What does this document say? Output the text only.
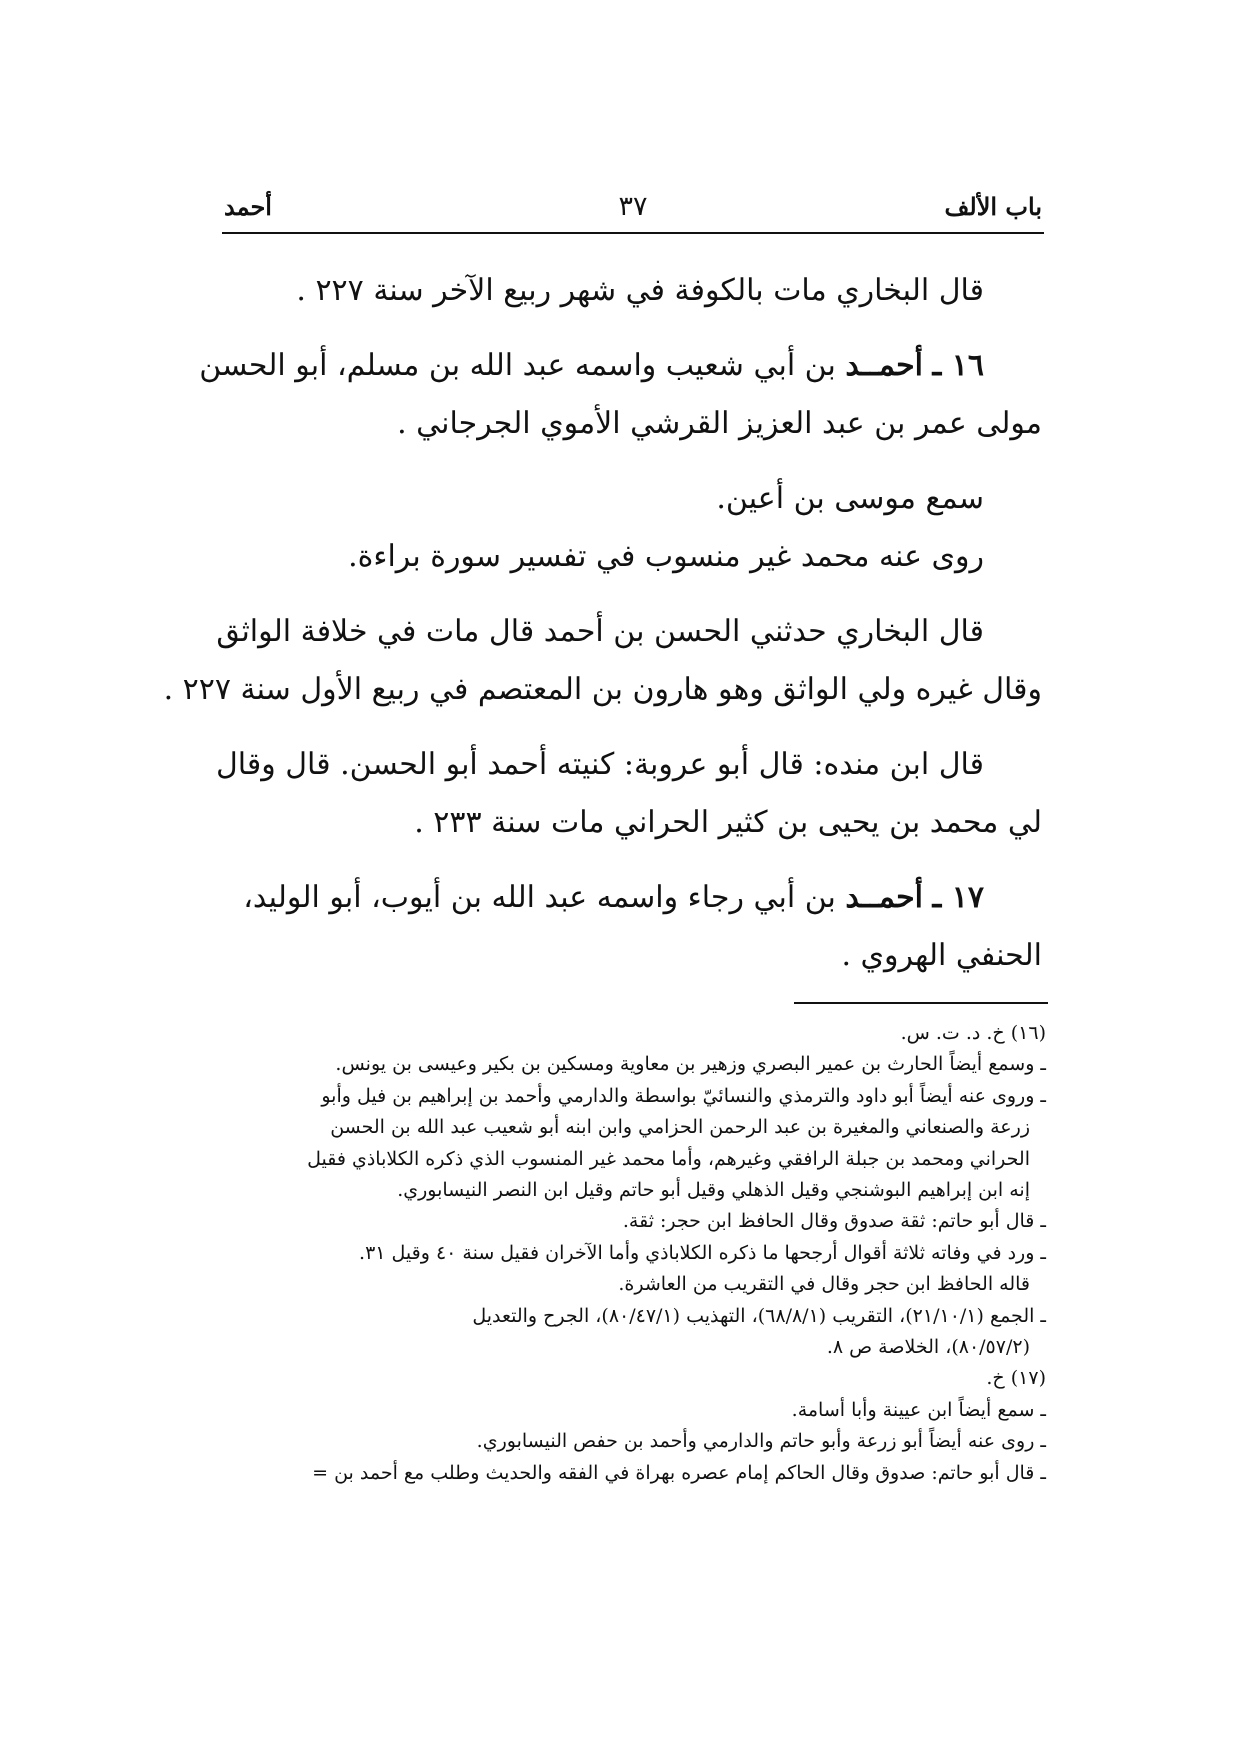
باب الألف
٣٧
أحمد

قال البخاري مات بالكوفة في شهر ربيع الآخر سنة ٢٢٧ .

١٦ ـ أحمــد بن أبي شعيب واسمه عبد الله بن مسلم، أبو الحسن

مولى عمر بن عبد العزيز القرشي الأموي الجرجاني .

سمع موسى بن أعين.

روى عنه محمد غير منسوب في تفسير سورة براءة.

قال البخاري حدثني الحسن بن أحمد قال مات في خلافة الواثق

وقال غيره ولي الواثق وهو هارون بن المعتصم في ربيع الأول سنة ٢٢٧ .

قال ابن منده: قال أبو عروبة: كنيته أحمد أبو الحسن. قال وقال

لي محمد بن يحيى بن كثير الحراني مات سنة ٢٣٣ .

١٧ ـ أحمــد بن أبي رجاء واسمه عبد الله بن أيوب، أبو الوليد،

الحنفي الهروي .

(١٦) خ. د. ت. س.

ـ وسمع أيضاً الحارث بن عمير البصري وزهير بن معاوية ومسكين بن بكير وعيسى بن يونس.

ـ وروى عنه أيضاً أبو داود والترمذي والنسائيّ بواسطة والدارمي وأحمد بن إبراهيم بن فيل وأبو

زرعة والصنعاني والمغيرة بن عبد الرحمن الحزامي وابن ابنه أبو شعيب عبد الله بن الحسن

الحراني ومحمد بن جبلة الرافقي وغيرهم، وأما محمد غير المنسوب الذي ذكره الكلاباذي فقيل

إنه ابن إبراهيم البوشنجي وقيل الذهلي وقيل أبو حاتم وقيل ابن النصر النيسابوري.

ـ قال أبو حاتم: ثقة صدوق وقال الحافظ ابن حجر: ثقة.

ـ ورد في وفاته ثلاثة أقوال أرجحها ما ذكره الكلاباذي وأما الآخران فقيل سنة ٤٠ وقيل ٣١.

قاله الحافظ ابن حجر وقال في التقريب من العاشرة.

ـ الجمع (٢١/١٠/١)، التقريب (٦٨/٨/١)، التهذيب (٨٠/٤٧/١)، الجرح والتعديل

(٨٠/٥٧/٢)، الخلاصة ص ٨.

(١٧) خ.

ـ سمع أيضاً ابن عيينة وأبا أسامة.

ـ روى عنه أيضاً أبو زرعة وأبو حاتم والدارمي وأحمد بن حفص النيسابوري.

ـ قال أبو حاتم: صدوق وقال الحاكم إمام عصره بهراة في الفقه والحديث وطلب مع أحمد بن =
